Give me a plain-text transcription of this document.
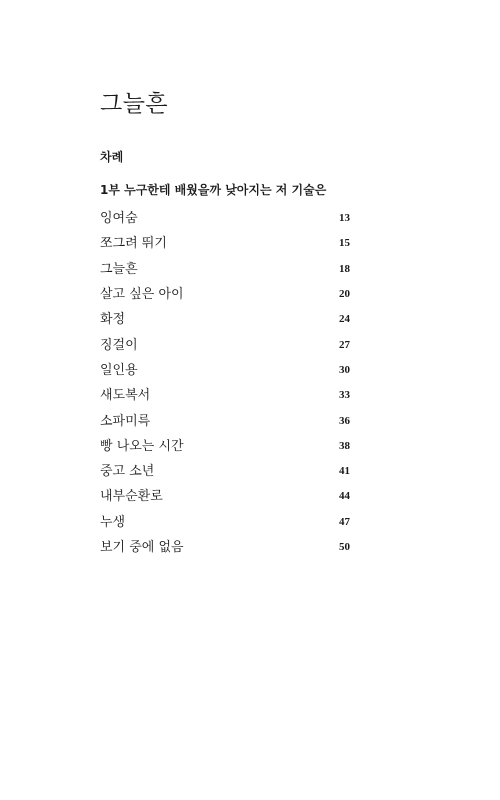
그늘흔
차례
1부 누구한테 배웠을까 낮아지는 저 기술은
잉여숨	13
쪼그려 뛰기	15
그늘흔	18
살고 싶은 아이	20
화정	24
징걸이	27
일인용	30
새도복서	33
소파미륵	36
빵 나오는 시간	38
중고 소년	41
내부순환로	44
누생	47
보기 중에 없음	50
